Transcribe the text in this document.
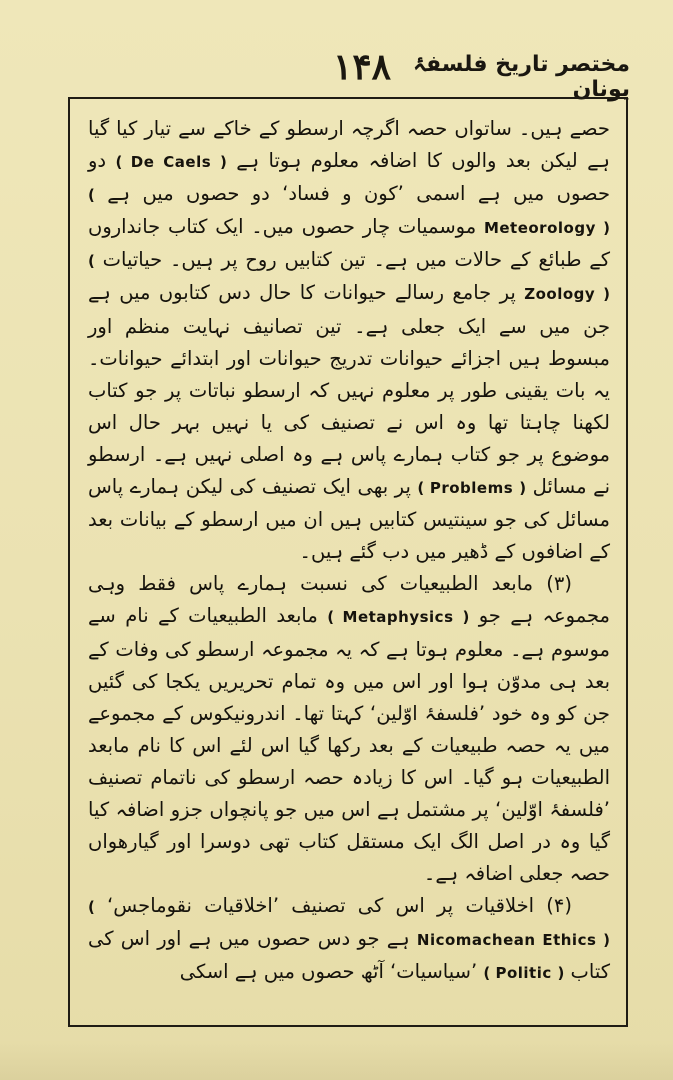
۱۴۸	مختصر تاریخ فلسفۂ یونان

حصے ہیں۔ ساتواں حصہ اگرچہ ارسطو کے خاکے سے تیار کیا گیا ہے لیکن بعد والوں کا اضافہ معلوم ہوتا ہے ( De Caels ) دو حصوں میں ہے اسمی ’کون و فساد‘ دو حصوں میں ہے ( Meteorology ) موسمیات چار حصوں میں۔ ایک کتاب جانداروں کے طبائع کے حالات میں ہے۔ تین کتابیں روح پر ہیں۔ حیاتیات ( Zoology ) پر جامع رسالے حیوانات کا حال دس کتابوں میں ہے جن میں سے ایک جعلی ہے۔ تین تصانیف نہایت منظم اور مبسوط ہیں اجزائے حیوانات تدریج حیوانات اور ابتدائے حیوانات۔ یہ بات یقینی طور پر معلوم نہیں کہ ارسطو نباتات پر جو کتاب لکھنا چاہتا تھا وہ اس نے تصنیف کی یا نہیں بہر حال اس موضوع پر جو کتاب ہمارے پاس ہے وہ اصلی نہیں ہے۔ ارسطو نے مسائل ( Problems ) پر بھی ایک تصنیف کی لیکن ہمارے پاس مسائل کی جو سینتیس کتابیں ہیں ان میں ارسطو کے بیانات بعد کے اضافوں کے ڈھیر میں دب گئے ہیں۔

(۳) مابعد الطبیعیات کی نسبت ہمارے پاس فقط وہی مجموعہ ہے جو ( Metaphysics ) مابعد الطبیعیات کے نام سے موسوم ہے۔ معلوم ہوتا ہے کہ یہ مجموعہ ارسطو کی وفات کے بعد ہی مدوّن ہوا اور اس میں وہ تمام تحریریں یکجا کی گئیں جن کو وہ خود ’فلسفۂ اوّلین‘ کہتا تھا۔ اندرونیکوس کے مجموعے میں یہ حصہ طبیعیات کے بعد رکھا گیا اس لئے اس کا نام مابعد الطبیعیات ہو گیا۔ اس کا زیادہ حصہ ارسطو کی ناتمام تصنیف ’فلسفۂ اوّلین‘ پر مشتمل ہے اس میں جو پانچواں جزو اضافہ کیا گیا وہ در اصل الگ ایک مستقل کتاب تھی دوسرا اور گیارھواں حصہ جعلی اضافہ ہے۔

(۴) اخلاقیات پر اس کی تصنیف ’اخلاقیات نقوماجس‘ ( Nicomachean Ethics ) ہے جو دس حصوں میں ہے اور اس کی کتاب ( Politic ) ’سیاسیات‘ آٹھ حصوں میں ہے اسکی
